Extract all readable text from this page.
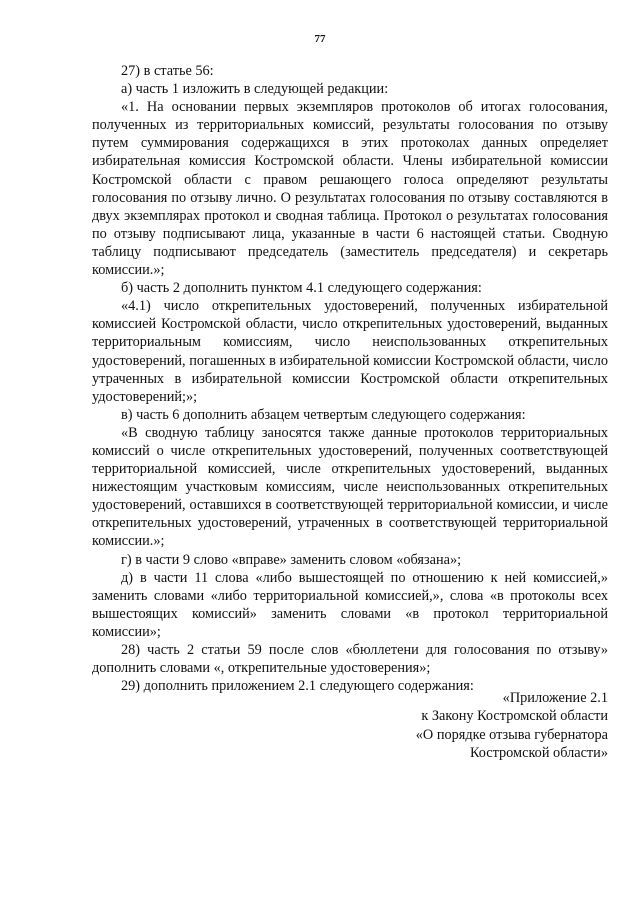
77

27) в статье 56:

а) часть 1 изложить в следующей редакции:

«1. На основании первых экземпляров протоколов об итогах голосования, полученных из территориальных комиссий, результаты голосования по отзыву путем суммирования содержащихся в этих протоколах данных определяет избирательная комиссия Костромской области. Члены избирательной комиссии Костромской области с правом решающего голоса определяют результаты голосования по отзыву лично. О результатах голосования по отзыву составляются в двух экземплярах протокол и сводная таблица. Протокол о результатах голосования по отзыву подписывают лица, указанные в части 6 настоящей статьи. Сводную таблицу подписывают председатель (заместитель председателя) и секретарь комиссии.»;

б) часть 2 дополнить пунктом 4.1 следующего содержания:

«4.1) число открепительных удостоверений, полученных избирательной комиссией Костромской области, число открепительных удостоверений, выданных территориальным комиссиям, число неиспользованных открепительных удостоверений, погашенных в избирательной комиссии Костромской области, число утраченных в избирательной комиссии Костромской области открепительных удостоверений;»;

в) часть 6 дополнить абзацем четвертым следующего содержания:

«В сводную таблицу заносятся также данные протоколов территориальных комиссий о числе открепительных удостоверений, полученных соответствующей территориальной комиссией, числе открепительных удостоверений, выданных нижестоящим участковым комиссиям, числе неиспользованных открепительных удостоверений, оставшихся в соответствующей территориальной комиссии, и числе открепительных удостоверений, утраченных в соответствующей территориальной комиссии.»;

г) в части 9 слово «вправе» заменить словом «обязана»;

д) в части 11 слова «либо вышестоящей по отношению к ней комиссией,» заменить словами «либо территориальной комиссией,», слова «в протоколы всех вышестоящих комиссий» заменить словами «в протокол территориальной комиссии»;

28) часть 2 статьи 59 после слов «бюллетени для голосования по отзыву» дополнить словами «, открепительные удостоверения»;

29) дополнить приложением 2.1 следующего содержания:

«Приложение 2.1
к Закону Костромской области
«О порядке отзыва губернатора
Костромской области»
